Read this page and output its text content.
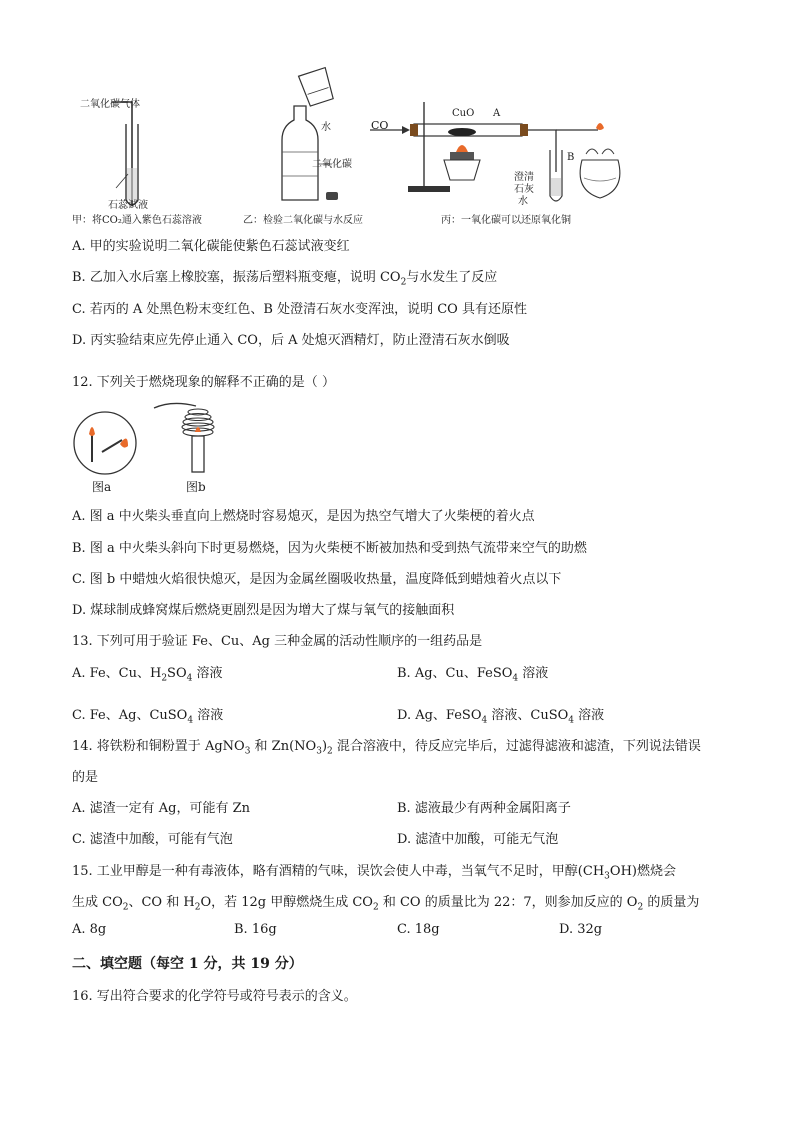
二氧化碳气体
石蕊试液
水
二氧化碳
CO
CuO A
B
澄清
石灰
水
甲：将CO₂通入紫色石蕊溶液	乙：检验二氧化碳与水反应	丙：一氧化碳可以还原氧化铜
A. 甲的实验说明二氧化碳能使紫色石蕊试液变红
B. 乙加入水后塞上橡胶塞，振荡后塑料瓶变瘪，说明 $CO_2$与水发生了反应
C. 若丙的 A 处黑色粉末变红色、B 处澄清石灰水变浑浊，说明 CO 具有还原性
D. 丙实验结束应先停止通入 CO，后 A 处熄灭酒精灯，防止澄清石灰水倒吸
12. 下列关于燃烧现象的解释不正确的是（ ）
图a	图b
A. 图 a 中火柴头垂直向上燃烧时容易熄灭，是因为热空气增大了火柴梗的着火点
B. 图 a 中火柴头斜向下时更易燃烧，因为火柴梗不断被加热和受到热气流带来空气的助燃
C. 图 b 中蜡烛火焰很快熄灭，是因为金属丝圈吸收热量，温度降低到蜡烛着火点以下
D. 煤球制成蜂窝煤后燃烧更剧烈是因为增大了煤与氧气的接触面积
13. 下列可用于验证 Fe、Cu、Ag 三种金属的活动性顺序的一组药品是
A. Fe、Cu、$H_2SO_4$ 溶液	B. Ag、Cu、FeSO$_4$ 溶液
C. Fe、Ag、CuSO$_4$ 溶液	D. Ag、FeSO$_4$ 溶液、CuSO$_4$ 溶液
14. 将铁粉和铜粉置于 AgNO$_3$ 和 $Zn(NO_3)_2$ 混合溶液中，待反应完毕后，过滤得滤液和滤渣，下列说法错误
的是
A. 滤渣一定有 Ag，可能有 Zn	B. 滤液最少有两种金属阳离子
C. 滤渣中加酸，可能有气泡	D. 滤渣中加酸，可能无气泡
15. 工业甲醇是一种有毒液体，略有酒精的气味，误饮会使人中毒，当氧气不足时，甲醇$(CH_3OH)$燃烧会
生成 $CO_2$、CO 和 $H_2O$，若 12g 甲醇燃烧生成 $CO_2$ 和 CO 的质量比为 22：7，则参加反应的 $O_2$ 的质量为
A. 8g	B. 16g	C. 18g	D. 32g
二、填空题（每空 1 分，共 19 分）
16. 写出符合要求的化学符号或符号表示的含义。
